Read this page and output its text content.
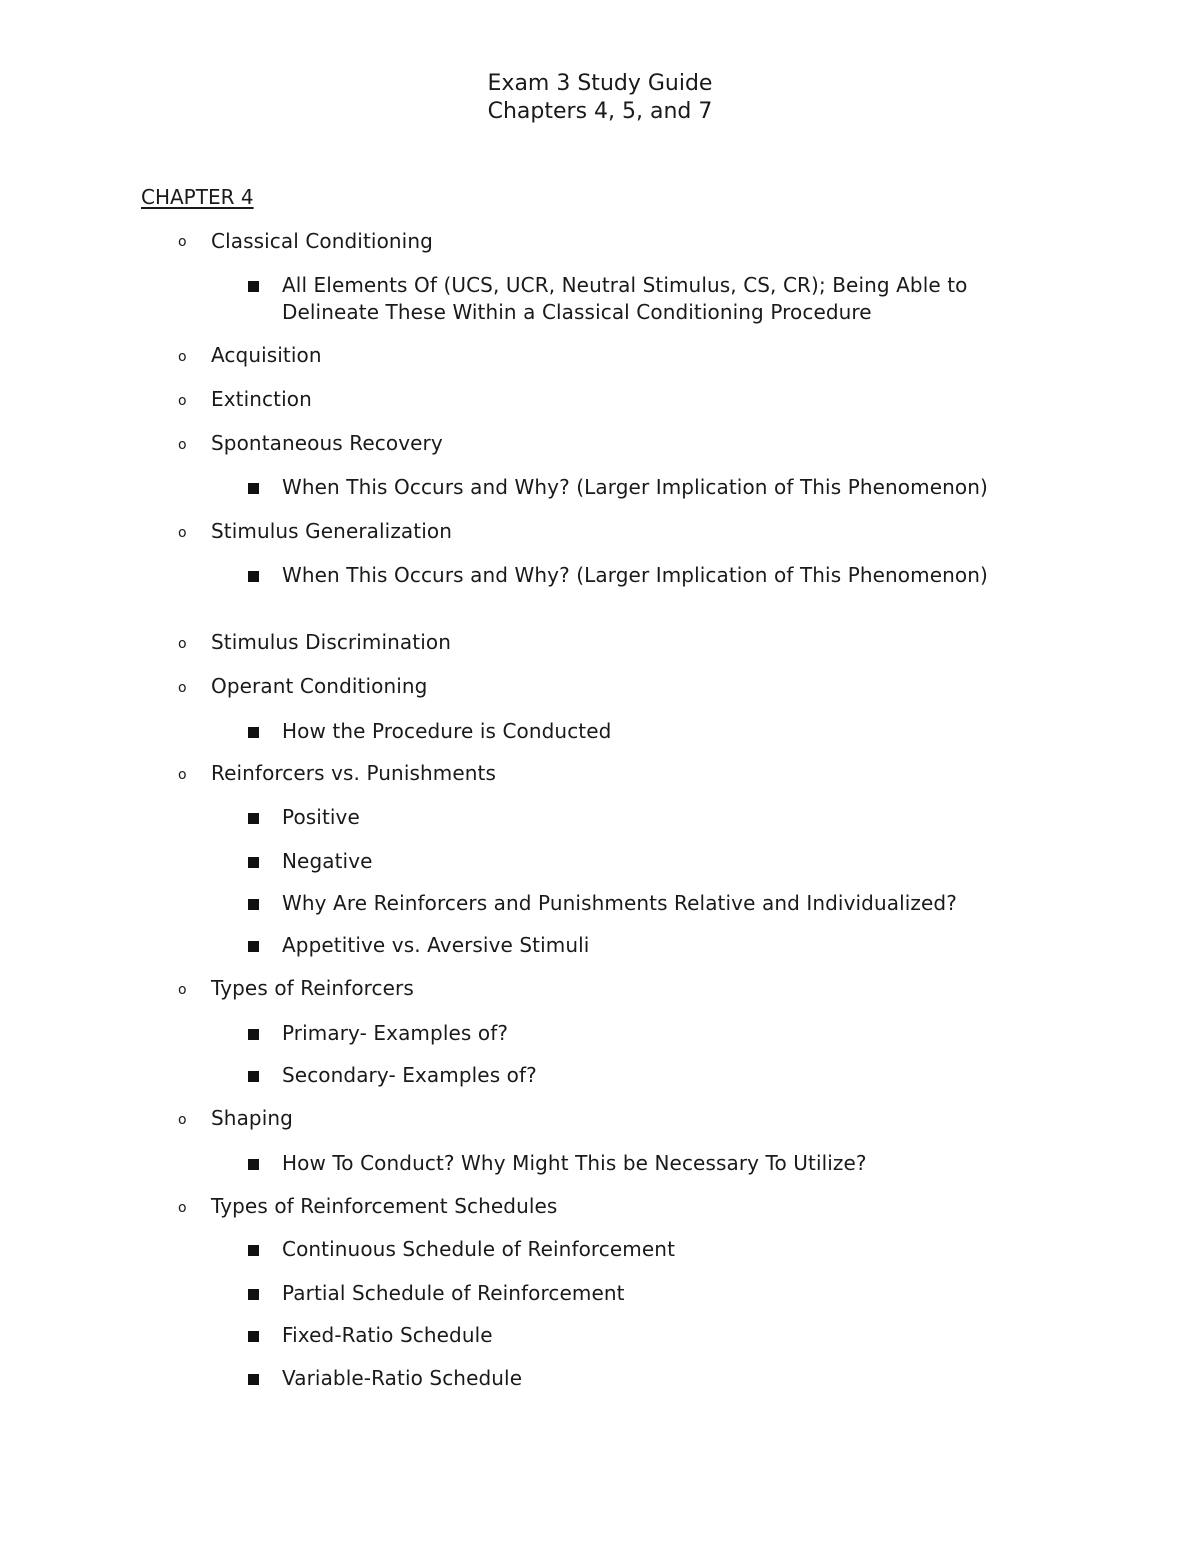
Exam 3 Study Guide
Chapters 4, 5, and 7
CHAPTER 4
o Classical Conditioning
All Elements Of (UCS, UCR, Neutral Stimulus, CS, CR); Being Able to
Delineate These Within a Classical Conditioning Procedure
o Acquisition
o Extinction
o Spontaneous Recovery
When This Occurs and Why? (Larger Implication of This Phenomenon)
o Stimulus Generalization
When This Occurs and Why? (Larger Implication of This Phenomenon)
o Stimulus Discrimination
o Operant Conditioning
How the Procedure is Conducted
o Reinforcers vs. Punishments
Positive
Negative
Why Are Reinforcers and Punishments Relative and Individualized?
Appetitive vs. Aversive Stimuli
o Types of Reinforcers
Primary- Examples of?
Secondary- Examples of?
o Shaping
How To Conduct? Why Might This be Necessary To Utilize?
o Types of Reinforcement Schedules
Continuous Schedule of Reinforcement
Partial Schedule of Reinforcement
Fixed-Ratio Schedule
Variable-Ratio Schedule
